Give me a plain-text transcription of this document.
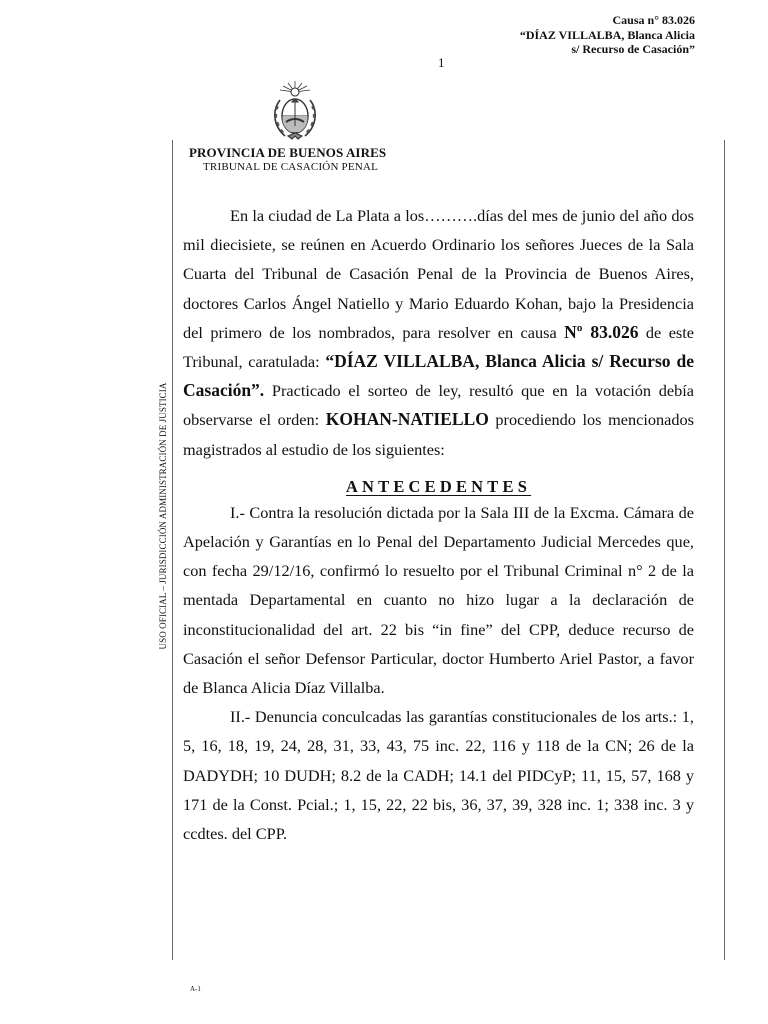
Causa n° 83.026
“DÍAZ VILLALBA, Blanca Alicia
s/ Recurso de Casación”
1
PROVINCIA DE BUENOS AIRES
TRIBUNAL DE CASACIÓN PENAL
USO OFICIAL – JURISDICCIÓN ADMINISTRACIÓN DE JUSTICIA

En la ciudad de La Plata a los……….días del mes de junio del año dos mil diecisiete, se reúnen en Acuerdo Ordinario los señores Jueces de la Sala Cuarta del Tribunal de Casación Penal de la Provincia de Buenos Aires, doctores Carlos Ángel Natiello y Mario Eduardo Kohan, bajo la Presidencia del primero de los nombrados, para resolver en causa Nº 83.026 de este Tribunal, caratulada: “DÍAZ VILLALBA, Blanca Alicia s/ Recurso de Casación”. Practicado el sorteo de ley, resultó que en la votación debía observarse el orden: KOHAN-NATIELLO procediendo los mencionados magistrados al estudio de los siguientes:

ANTECEDENTES

I.- Contra la resolución dictada por la Sala III de la Excma. Cámara de Apelación y Garantías en lo Penal del Departamento Judicial Mercedes que, con fecha 29/12/16, confirmó lo resuelto por el Tribunal Criminal n° 2 de la mentada Departamental en cuanto no hizo lugar a la declaración de inconstitucionalidad del art. 22 bis “in fine” del CPP, deduce recurso de Casación el señor Defensor Particular, doctor Humberto Ariel Pastor, a favor de Blanca Alicia Díaz Villalba.

II.- Denuncia conculcadas las garantías constitucionales de los arts.: 1, 5, 16, 18, 19, 24, 28, 31, 33, 43, 75 inc. 22, 116 y 118 de la CN; 26 de la DADYDH; 10 DUDH; 8.2 de la CADH; 14.1 del PIDCyP; 11, 15, 57, 168 y 171 de la Const. Pcial.; 1, 15, 22, 22 bis, 36, 37, 39, 328 inc. 1; 338 inc. 3 y ccdtes. del CPP.

A-1
